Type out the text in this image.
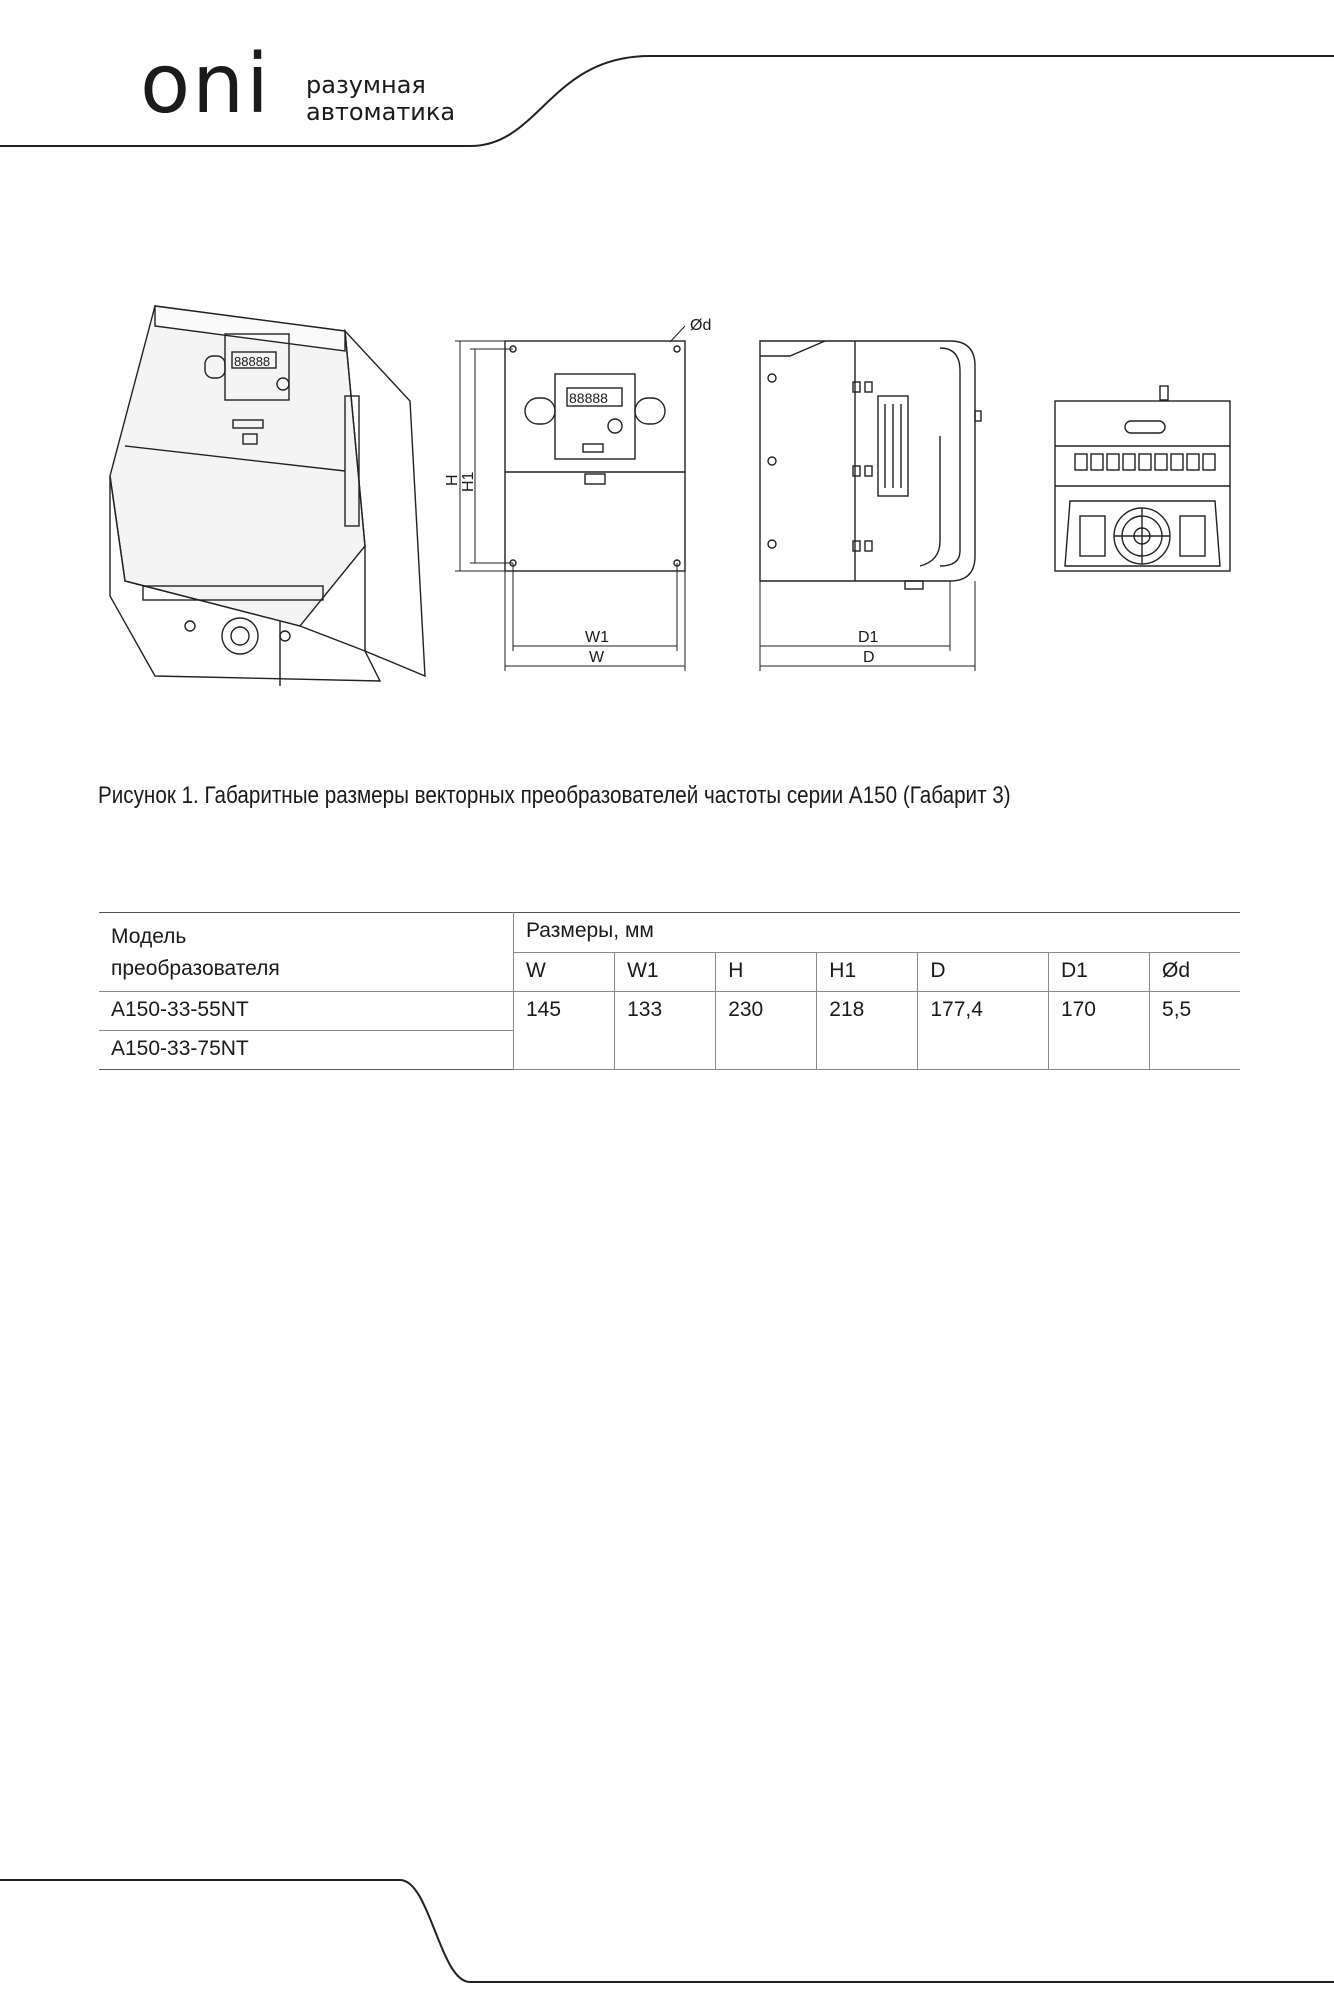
oni разумная
автоматика
88888
88888
H H1
W1
W
Ød
D1
D
Рисунок 1. Габаритные размеры векторных преобразователей частоты серии А150 (Габарит 3)
Модель
преобразователя	Размеры, мм						
	W	W1	H	H1	D	D1	Ød
A150-33-55NT	145	133	230	218	177,4	170	5,5
A150-33-75NT							
